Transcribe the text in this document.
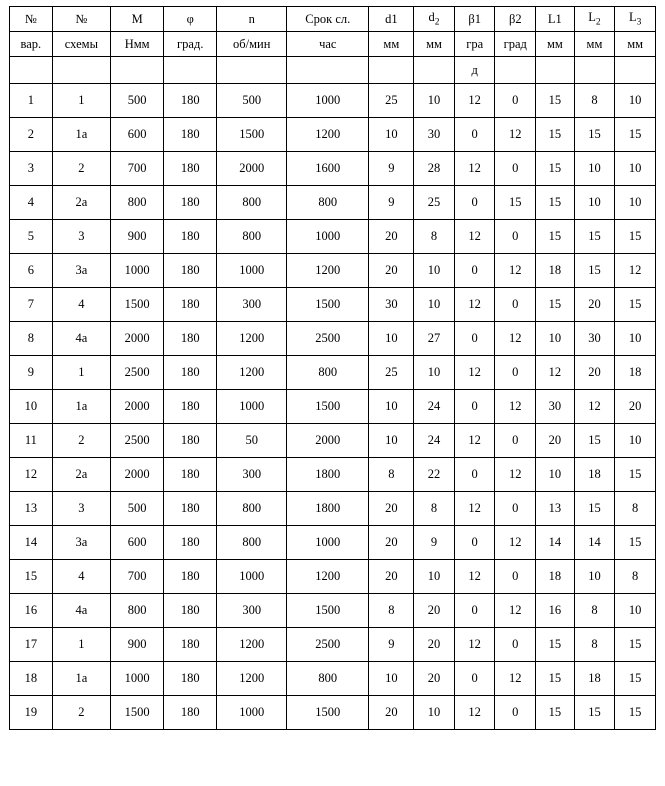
№	№	M	φ	n	Срок сл.	d1	$d_2$	β1	β2	L1	$L_2$	$L_3$
вар.	схемы	Нмм	град.	об/мин	час	мм	мм	гра	град	мм	мм	мм
								д				
1	1	500	180	500	1000	25	10	12	0	15	8	10
2	1а	600	180	1500	1200	10	30	0	12	15	15	15
3	2	700	180	2000	1600	9	28	12	0	15	10	10
4	2а	800	180	800	800	9	25	0	15	15	10	10
5	3	900	180	800	1000	20	8	12	0	15	15	15
6	3а	1000	180	1000	1200	20	10	0	12	18	15	12
7	4	1500	180	300	1500	30	10	12	0	15	20	15
8	4а	2000	180	1200	2500	10	27	0	12	10	30	10
9	1	2500	180	1200	800	25	10	12	0	12	20	18
10	1а	2000	180	1000	1500	10	24	0	12	30	12	20
11	2	2500	180	50	2000	10	24	12	0	20	15	10
12	2а	2000	180	300	1800	8	22	0	12	10	18	15
13	3	500	180	800	1800	20	8	12	0	13	15	8
14	3а	600	180	800	1000	20	9	0	12	14	14	15
15	4	700	180	1000	1200	20	10	12	0	18	10	8
16	4а	800	180	300	1500	8	20	0	12	16	8	10
17	1	900	180	1200	2500	9	20	12	0	15	8	15
18	1а	1000	180	1200	800	10	20	0	12	15	18	15
19	2	1500	180	1000	1500	20	10	12	0	15	15	15
